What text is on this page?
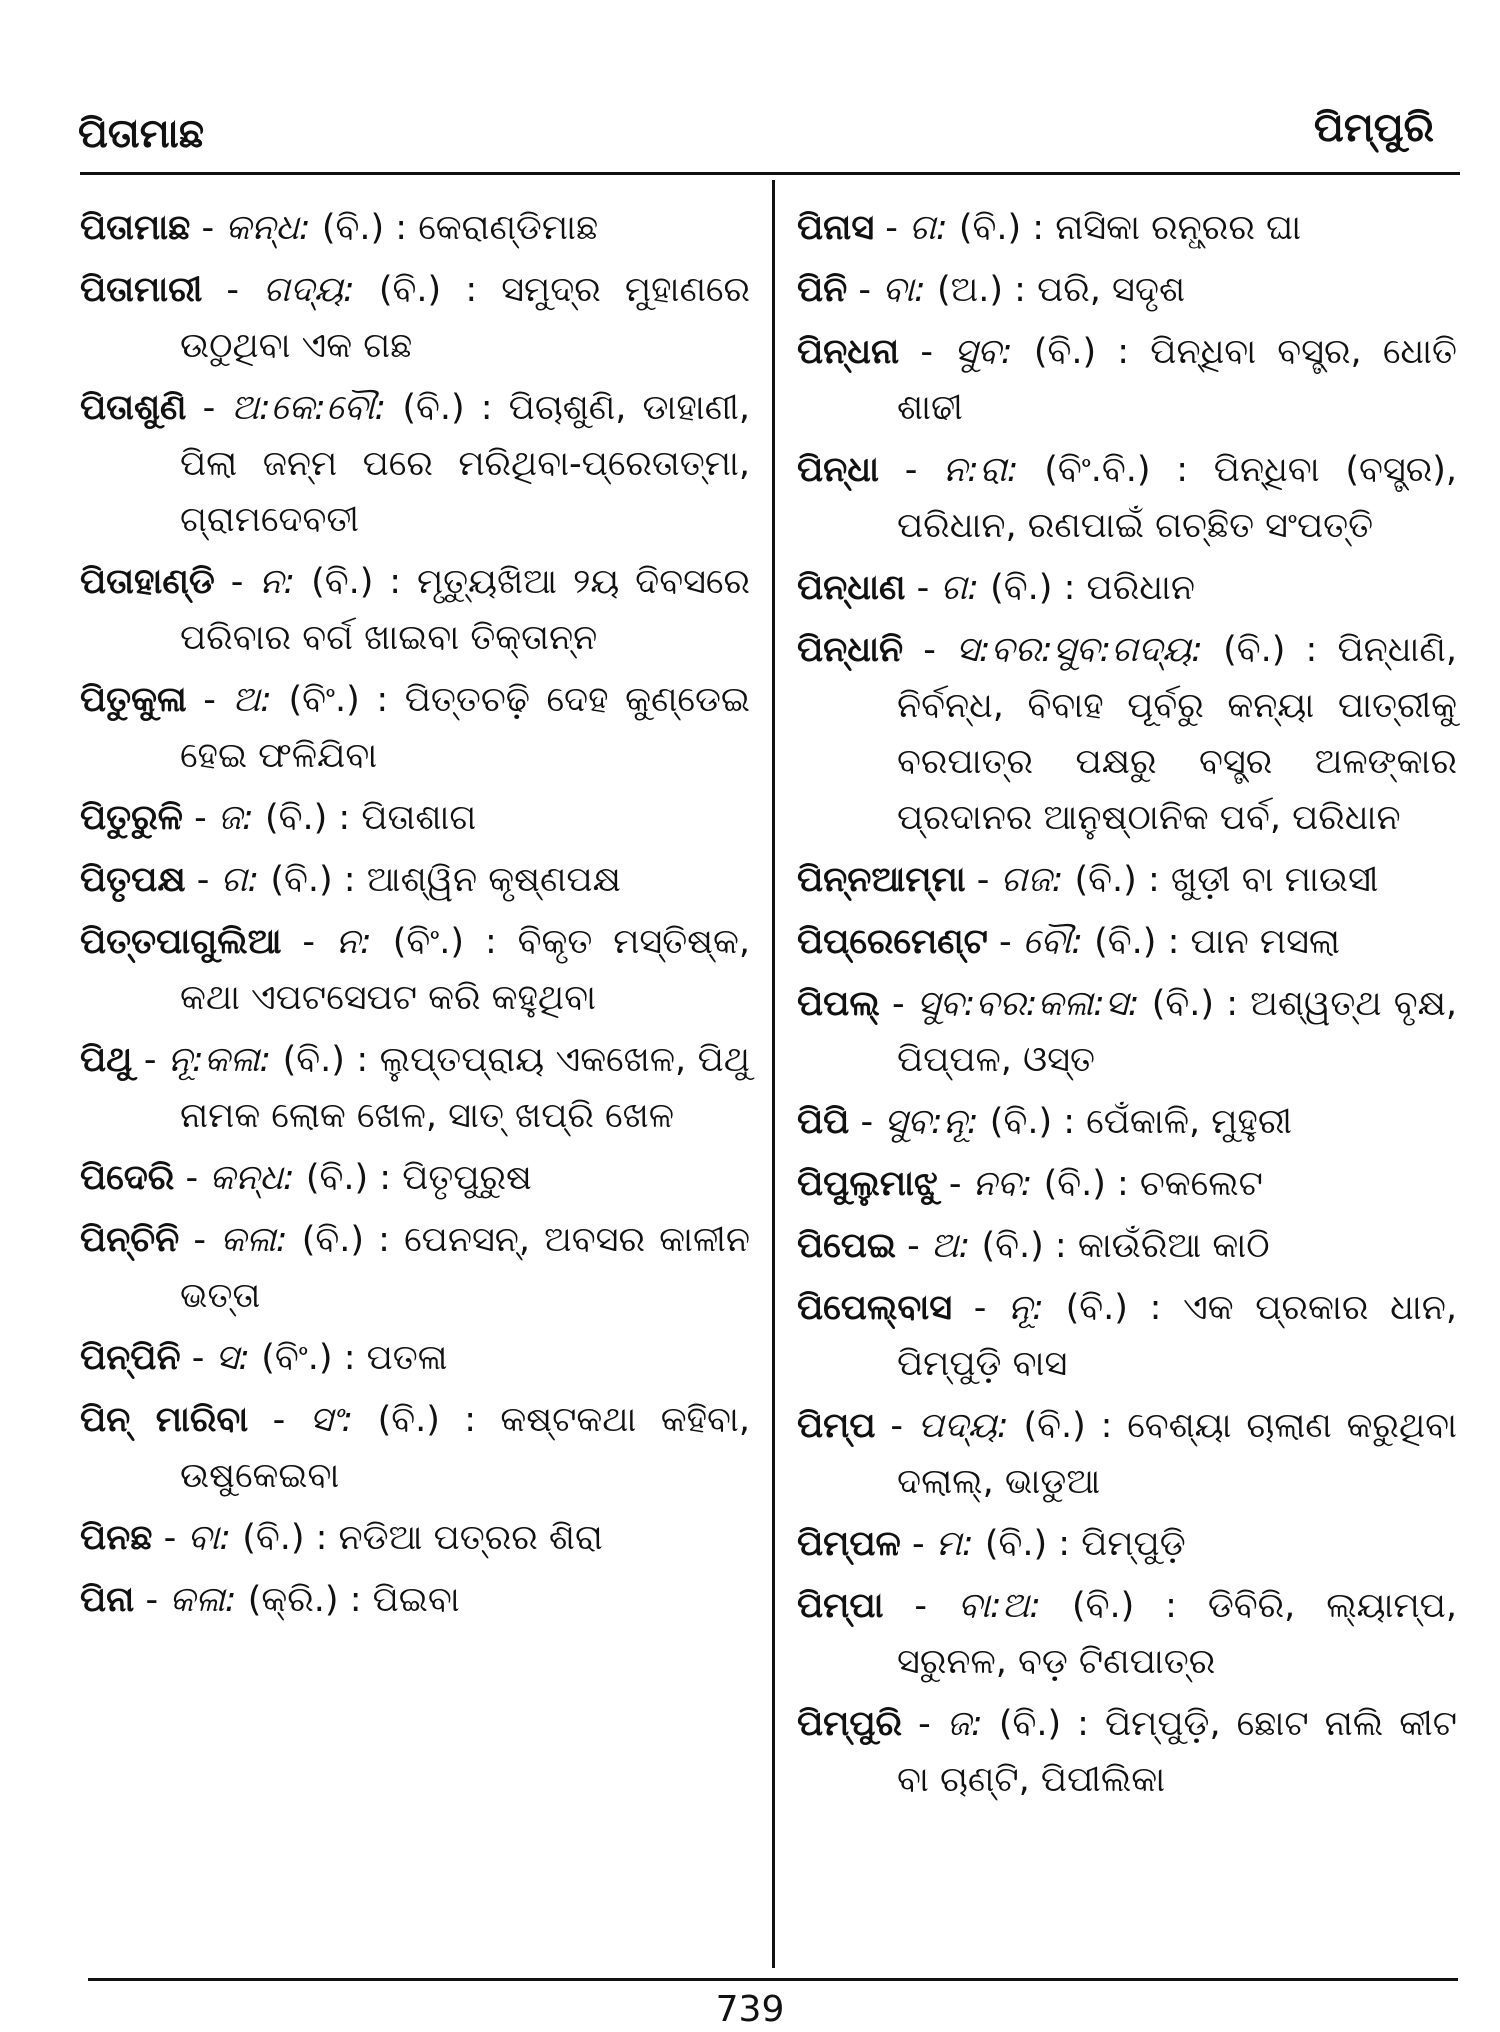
ପିତାମାଛ	ପିମ୍ପୁରି
ପିତାମାଛ - କନ୍ଧ: (ବି.) : କେରାଣ୍ଡିମାଛ
ପିତାମାରୀ - ଗଦ୍ୟ: (ବି.) : ସମୁଦ୍ର ମୁହାଣରେ ଉଠୁଥିବା ଏକ ଗଛ
ପିତାଶୁଣି - ଅ:କେ:ବୌ: (ବି.) : ପିଚାଶୁଣି, ଡାହାଣୀ, ପିଲା ଜନ୍ମ ପରେ ମରିଥିବା-ପ୍ରେତାତ୍ମା, ଗ୍ରାମଦେବତୀ
ପିତାହାଣ୍ଡି - ନ: (ବି.) : ମୃତ୍ୟୁଖିଆ ୨ୟ ଦିବସରେ ପରିବାର ବର୍ଗ ଖାଇବା ତିକ୍ତାନ୍ନ
ପିତୁକୁଳା - ଅ: (ବିଂ.) : ପିତ୍ତଚଢ଼ି ଦେହ କୁଣ୍ଡେଇ ହେଇ ଫଳିଯିବା
ପିତୁରୁଳି - ଜ: (ବି.) : ପିତାଶାଗ
ପିତୃପକ୍ଷ - ଗ: (ବି.) : ଆଶ୍ୱିନ କୃଷ୍ଣପକ୍ଷ
ପିତ୍ତପାଗୁଲିଆ - ନ: (ବିଂ.) : ବିକୃତ ମସ୍ତିଷ୍କ, କଥା ଏପଟସେପଟ କରି କହୁଥିବା
ପିଥୁ - ନୂ:କଳା: (ବି.) : ଲୁପ୍ତପ୍ରାୟ ଏକଖେଳ, ପିଥୁ ନାମକ ଲୋକ ଖେଳ, ସାତ୍ ଖପ୍ରି ଖେଳ
ପିଦେରି - କନ୍ଧ: (ବି.) : ପିତୃପୁରୁଷ
ପିନ୍‌ଚିନି - କଳା: (ବି.) : ପେନସନ୍, ଅବସର କାଳୀନ ଭତ୍ତା
ପିନ୍‌ପିନି - ସ: (ବିଂ.) : ପତଳା
ପିନ୍ ମାରିବା - ସଂ: (ବି.) : କଷ୍ଟକଥା କହିବା, ଉଷୁକେଇବା
ପିନଛ - ବା: (ବି.) : ନଡିଆ ପତ୍ରର ଶିରା
ପିନା - କଳା: (କ୍ରି.) : ପିଇବା
ପିନାସ - ଗ: (ବି.) : ନାସିକା ରନ୍ଧ୍ରର ଘା
ପିନି - ବା: (ଅ.) : ପରି, ସଦୃଶ
ପିନ୍ଧନା - ସୁବ: (ବି.) : ପିନ୍ଧିବା ବସ୍ତ୍ର, ଧୋତି ଶାଢୀ
ପିନ୍ଧା - ନ:ରା: (ବିଂ.ବି.) : ପିନ୍ଧିବା (ବସ୍ତ୍ର), ପରିଧାନ, ରଣପାଇଁ ଗଚ୍ଛିତ ସଂପତ୍ତି
ପିନ୍ଧାଣ - ଗ: (ବି.) : ପରିଧାନ
ପିନ୍ଧାନି - ସ:ବର:ସୁବ:ଗଦ୍ୟ: (ବି.) : ପିନ୍ଧାଣି, ନିର୍ବନ୍ଧ, ବିବାହ ପୂର୍ବରୁ କନ୍ୟା ପାତ୍ରୀକୁ ବରପାତ୍ର ପକ୍ଷରୁ ବସ୍ତ୍ର ଅଳଙ୍କାର ପ୍ରଦାନର ଆନୁଷ୍ଠାନିକ ପର୍ବ, ପରିଧାନ
ପିନ୍ନଆମ୍ମା - ଗଜ: (ବି.) : ଖୁଡ଼ୀ ବା ମାଉସୀ
ପିପ୍‌ରେମେଣ୍ଟ - ବୌ: (ବି.) : ପାନ ମସଲା
ପିପଲ୍ - ସୁବ:ବର:କଳା:ସ: (ବି.) : ଅଶ୍ୱତ୍‌ଥ ବୃକ୍ଷ, ପିପ୍‌ପଳ, ଓସ୍ତ
ପିପି - ସୁବ:ନୂ: (ବି.) : ପେଁକାଳି, ମୁହୁରୀ
ପିପୁଲୁମାଝୁ - ନବ: (ବି.) : ଚକଲେଟ
ପିପେଇ - ଅ: (ବି.) : କାଉଁରିଆ କାଠି
ପିପେଲ୍‌ବାସ - ନୂ: (ବି.) : ଏକ ପ୍ରକାର ଧାନ, ପିମ୍ପୁଡ଼ି ବାସ
ପିମ୍ପ - ପଦ୍ୟ: (ବି.) : ବେଶ୍ୟା ଚାଲାଣ କରୁଥିବା ଦଲାଲ୍, ଭାଡୁଆ
ପିମ୍ପଳ - ମ: (ବି.) : ପିମ୍ପୁଡ଼ି
ପିମ୍ପା - ବା:ଅ: (ବି.) : ଡିବିରି, ଲ୍ୟାମ୍ପ, ସରୁନଳ, ବଡ଼ ଟିଣପାତ୍ର
ପିମ୍ପୁରି - ଜ: (ବି.) : ପିମ୍ପୁଡ଼ି, ଛୋଟ ନାଲି କୀଟ ବା ଚାଣ୍ଟି, ପିପୀଲିକା
739
